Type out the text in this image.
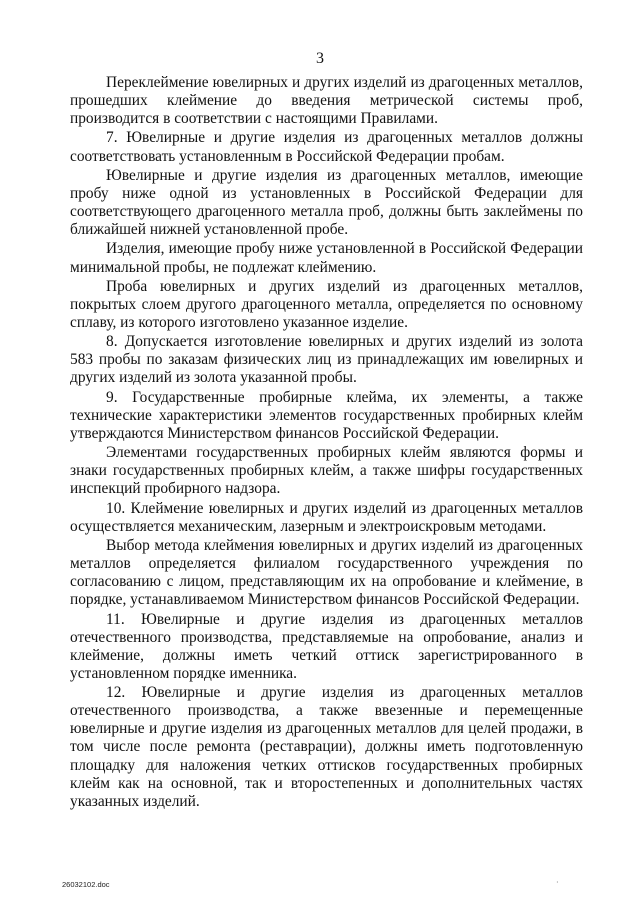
3

Переклеймение ювелирных и других изделий из драгоценных металлов, прошедших клеймение до введения метрической системы проб, производится в соответствии с настоящими Правилами.

7. Ювелирные и другие изделия из драгоценных металлов должны соответствовать установленным в Российской Федерации пробам.

Ювелирные и другие изделия из драгоценных металлов, имеющие пробу ниже одной из установленных в Российской Федерации для соответствующего драгоценного металла проб, должны быть заклеймены по ближайшей нижней установленной пробе.

Изделия, имеющие пробу ниже установленной в Российской Федерации минимальной пробы, не подлежат клеймению.

Проба ювелирных и других изделий из драгоценных металлов, покрытых слоем другого драгоценного металла, определяется по основному сплаву, из которого изготовлено указанное изделие.

8. Допускается изготовление ювелирных и других изделий из золота 583 пробы по заказам физических лиц из принадлежащих им ювелирных и других изделий из золота указанной пробы.

9. Государственные пробирные клейма, их элементы, а также технические характеристики элементов государственных пробирных клейм утверждаются Министерством финансов Российской Федерации.

Элементами государственных пробирных клейм являются формы и знаки государственных пробирных клейм, а также шифры государственных инспекций пробирного надзора.

10. Клеймение ювелирных и других изделий из драгоценных металлов осуществляется механическим, лазерным и электроискровым методами.

Выбор метода клеймения ювелирных и других изделий из драгоценных металлов определяется филиалом государственного учреждения по согласованию с лицом, представляющим их на опробование и клеймение, в порядке, устанавливаемом Министерством финансов Российской Федерации.

11. Ювелирные и другие изделия из драгоценных металлов отечественного производства, представляемые на опробование, анализ и клеймение, должны иметь четкий оттиск зарегистрированного в установленном порядке именника.

12. Ювелирные и другие изделия из драгоценных металлов отечественного производства, а также ввезенные и перемещенные ювелирные и другие изделия из драгоценных металлов для целей продажи, в том числе после ремонта (реставрации), должны иметь подготовленную площадку для наложения четких оттисков государственных пробирных клейм как на основной, так и второстепенных и дополнительных частях указанных изделий.

26032102.doc	·
